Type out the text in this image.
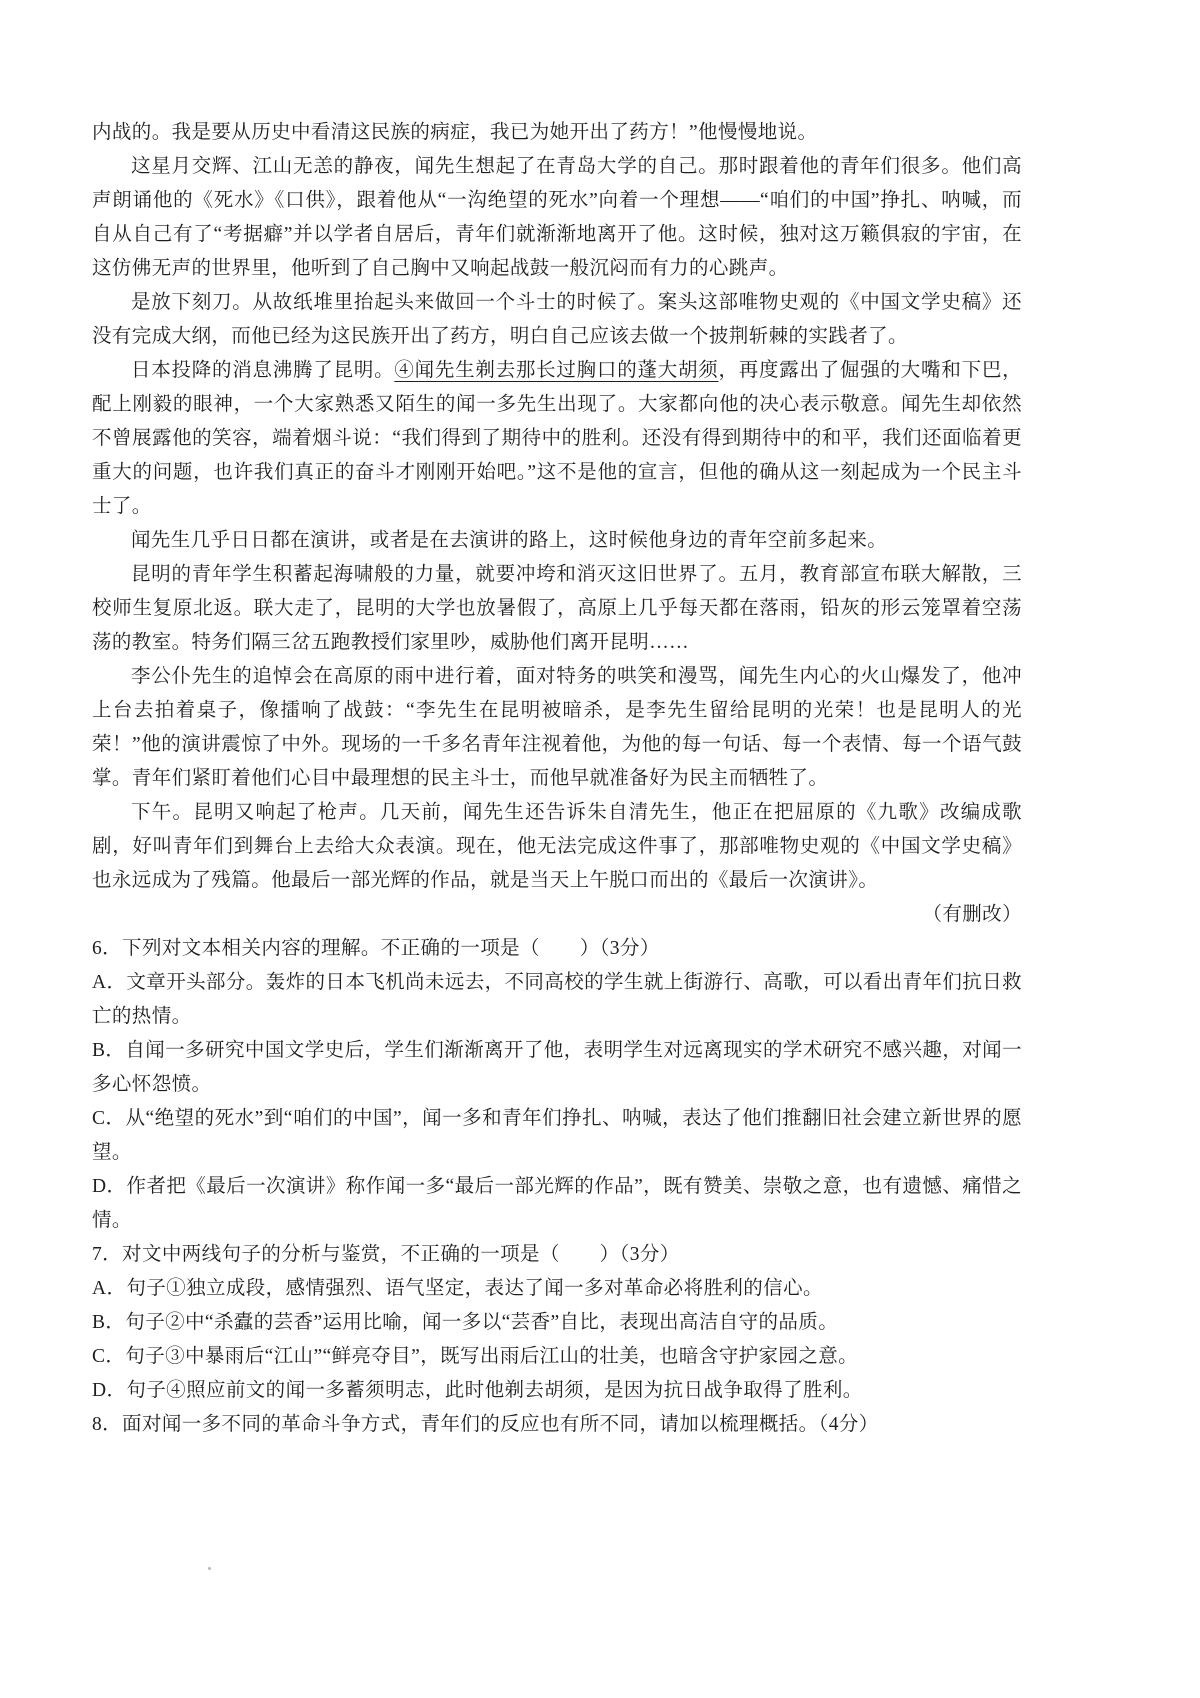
内战的。我是要从历史中看清这民族的病症，我已为她开出了药方！”他慢慢地说。

这星月交辉、江山无恙的静夜，闻先生想起了在青岛大学的自己。那时跟着他的青年们很多。他们高声朗诵他的《死水》《口供》，跟着他从“一沟绝望的死水”向着一个理想——“咱们的中国”挣扎、呐喊，而自从自己有了“考据癖”并以学者自居后，青年们就渐渐地离开了他。这时候，独对这万籁俱寂的宇宙，在这仿佛无声的世界里，他听到了自己胸中又响起战鼓一般沉闷而有力的心跳声。

是放下刻刀。从故纸堆里抬起头来做回一个斗士的时候了。案头这部唯物史观的《中国文学史稿》还没有完成大纲，而他已经为这民族开出了药方，明白自己应该去做一个披荆斩棘的实践者了。

日本投降的消息沸腾了昆明。④闻先生剃去那长过胸口的蓬大胡须，再度露出了倔强的大嘴和下巴，配上刚毅的眼神，一个大家熟悉又陌生的闻一多先生出现了。大家都向他的决心表示敬意。闻先生却依然不曾展露他的笑容，端着烟斗说：“我们得到了期待中的胜利。还没有得到期待中的和平，我们还面临着更重大的问题，也许我们真正的奋斗才刚刚开始吧。”这不是他的宣言，但他的确从这一刻起成为一个民主斗士了。

闻先生几乎日日都在演讲，或者是在去演讲的路上，这时候他身边的青年空前多起来。

昆明的青年学生积蓄起海啸般的力量，就要冲垮和消灭这旧世界了。五月，教育部宣布联大解散，三校师生复原北返。联大走了，昆明的大学也放暑假了，高原上几乎每天都在落雨，铅灰的形云笼罩着空荡荡的教室。特务们隔三岔五跑教授们家里吵，威胁他们离开昆明……

李公仆先生的追悼会在高原的雨中进行着，面对特务的哄笑和漫骂，闻先生内心的火山爆发了，他冲上台去拍着桌子，像擂响了战鼓：“李先生在昆明被暗杀，是李先生留给昆明的光荣！也是昆明人的光荣！”他的演讲震惊了中外。现场的一千多名青年注视着他，为他的每一句话、每一个表情、每一个语气鼓掌。青年们紧盯着他们心目中最理想的民主斗士，而他早就准备好为民主而牺牲了。

下午。昆明又响起了枪声。几天前，闻先生还告诉朱自清先生，他正在把屈原的《九歌》改编成歌剧，好叫青年们到舞台上去给大众表演。现在，他无法完成这件事了，那部唯物史观的《中国文学史稿》也永远成为了残篇。他最后一部光辉的作品，就是当天上午脱口而出的《最后一次演讲》。

（有删改）

6．下列对文本相关内容的理解。不正确的一项是（　　）（3分）

A．文章开头部分。轰炸的日本飞机尚未远去，不同高校的学生就上街游行、高歌，可以看出青年们抗日救亡的热情。

B．自闻一多研究中国文学史后，学生们渐渐离开了他，表明学生对远离现实的学术研究不感兴趣，对闻一多心怀怨愤。

C．从“绝望的死水”到“咱们的中国”，闻一多和青年们挣扎、呐喊，表达了他们推翻旧社会建立新世界的愿望。

D．作者把《最后一次演讲》称作闻一多“最后一部光辉的作品”，既有赞美、崇敬之意，也有遗憾、痛惜之情。

7．对文中两线句子的分析与鉴赏，不正确的一项是（　　）（3分）

A．句子①独立成段，感情强烈、语气坚定，表达了闻一多对革命必将胜利的信心。

B．句子②中“杀蠹的芸香”运用比喻，闻一多以“芸香”自比，表现出高洁自守的品质。

C．句子③中暴雨后“江山”“鲜亮夺目”，既写出雨后江山的壮美，也暗含守护家园之意。

D．句子④照应前文的闻一多蓄须明志，此时他剃去胡须，是因为抗日战争取得了胜利。

8．面对闻一多不同的革命斗争方式，青年们的反应也有所不同，请加以梳理概括。（4分）
